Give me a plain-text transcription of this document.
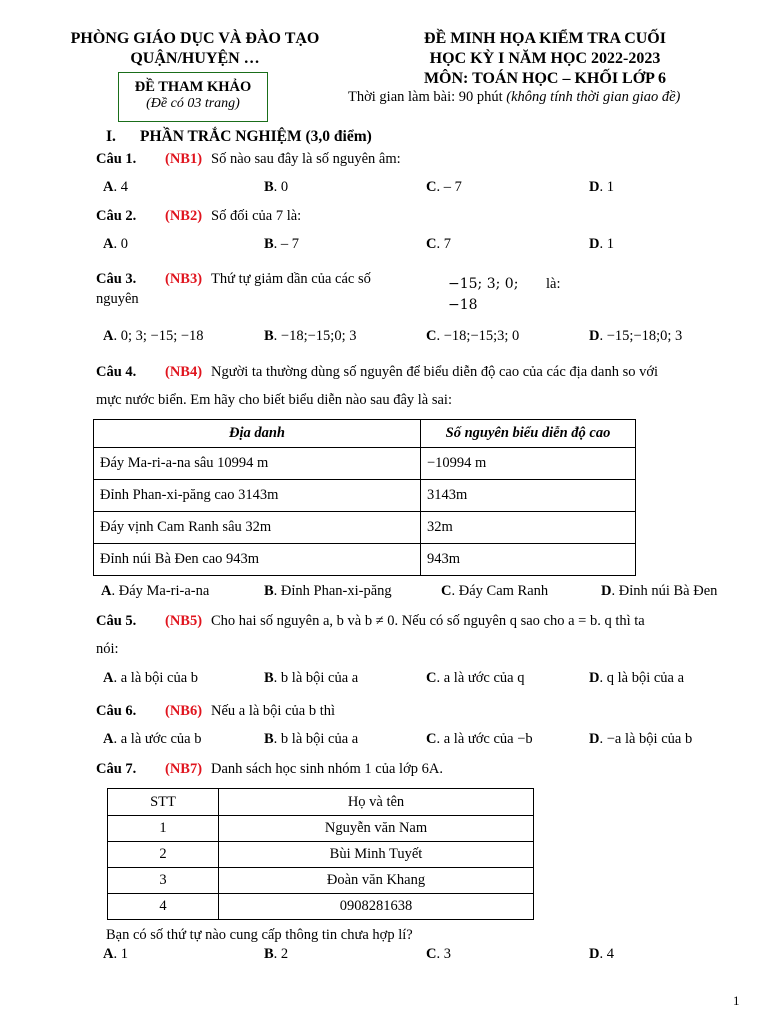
PHÒNG GIÁO DỤC VÀ ĐÀO TẠO
QUẬN/HUYỆN …
ĐỀ THAM KHẢO
(Đề có 03 trang)
ĐỀ MINH HỌA KIỂM TRA CUỐI
HỌC KỲ I NĂM HỌC 2022-2023
MÔN: TOÁN HỌC – KHỐI LỚP 6
Thời gian làm bài: 90 phút (không tính thời gian giao đề)
I. PHẦN TRẮC NGHIỆM (3,0 điểm)
Câu 1. (NB1) Số nào sau đây là số nguyên âm:
A. 4	B. 0	C. – 7	D. 1
Câu 2. (NB2) Số đối của 7 là:
A. 0	B. – 7	C. 7	D. 1
Câu 3. (NB3) Thứ tự giảm dần của các số
nguyên
−15; 3; 0; là:
−18
A. 0; 3; −15; −18	B. −18;−15;0; 3	C. −18;−15;3; 0	D. −15;−18;0; 3
Câu 4. (NB4) Người ta thường dùng số nguyên để biểu diễn độ cao của các địa danh so với
mực nước biển. Em hãy cho biết biểu diễn nào sau đây là sai:
Địa danh	Số nguyên biểu diễn độ cao
Đáy Ma-ri-a-na sâu 10994 m	−10994 m
Đỉnh Phan-xi-păng cao 3143m	3143m
Đáy vịnh Cam Ranh sâu 32m	32m
Đỉnh núi Bà Đen cao 943m	943m
A. Đáy Ma-ri-a-na	B. Đỉnh Phan-xi-păng	C. Đáy Cam Ranh	D. Đỉnh núi Bà Đen
Câu 5. (NB5) Cho hai số nguyên a, b và b ≠ 0. Nếu có số nguyên q sao cho a = b. q thì ta
nói:
A. a là bội của b	B. b là bội của a	C. a là ước của q	D. q là bội của a
Câu 6. (NB6) Nếu a là bội của b thì
A. a là ước của b	B. b là bội của a	C. a là ước của −b	D. −a là bội của b
Câu 7. (NB7) Danh sách học sinh nhóm 1 của lớp 6A.
STT	Họ và tên
1	Nguyễn văn Nam
2	Bùi Minh Tuyết
3	Đoàn văn Khang
4	0908281638
Bạn có số thứ tự nào cung cấp thông tin chưa hợp lí?
A. 1	B. 2	C. 3	D. 4
1
